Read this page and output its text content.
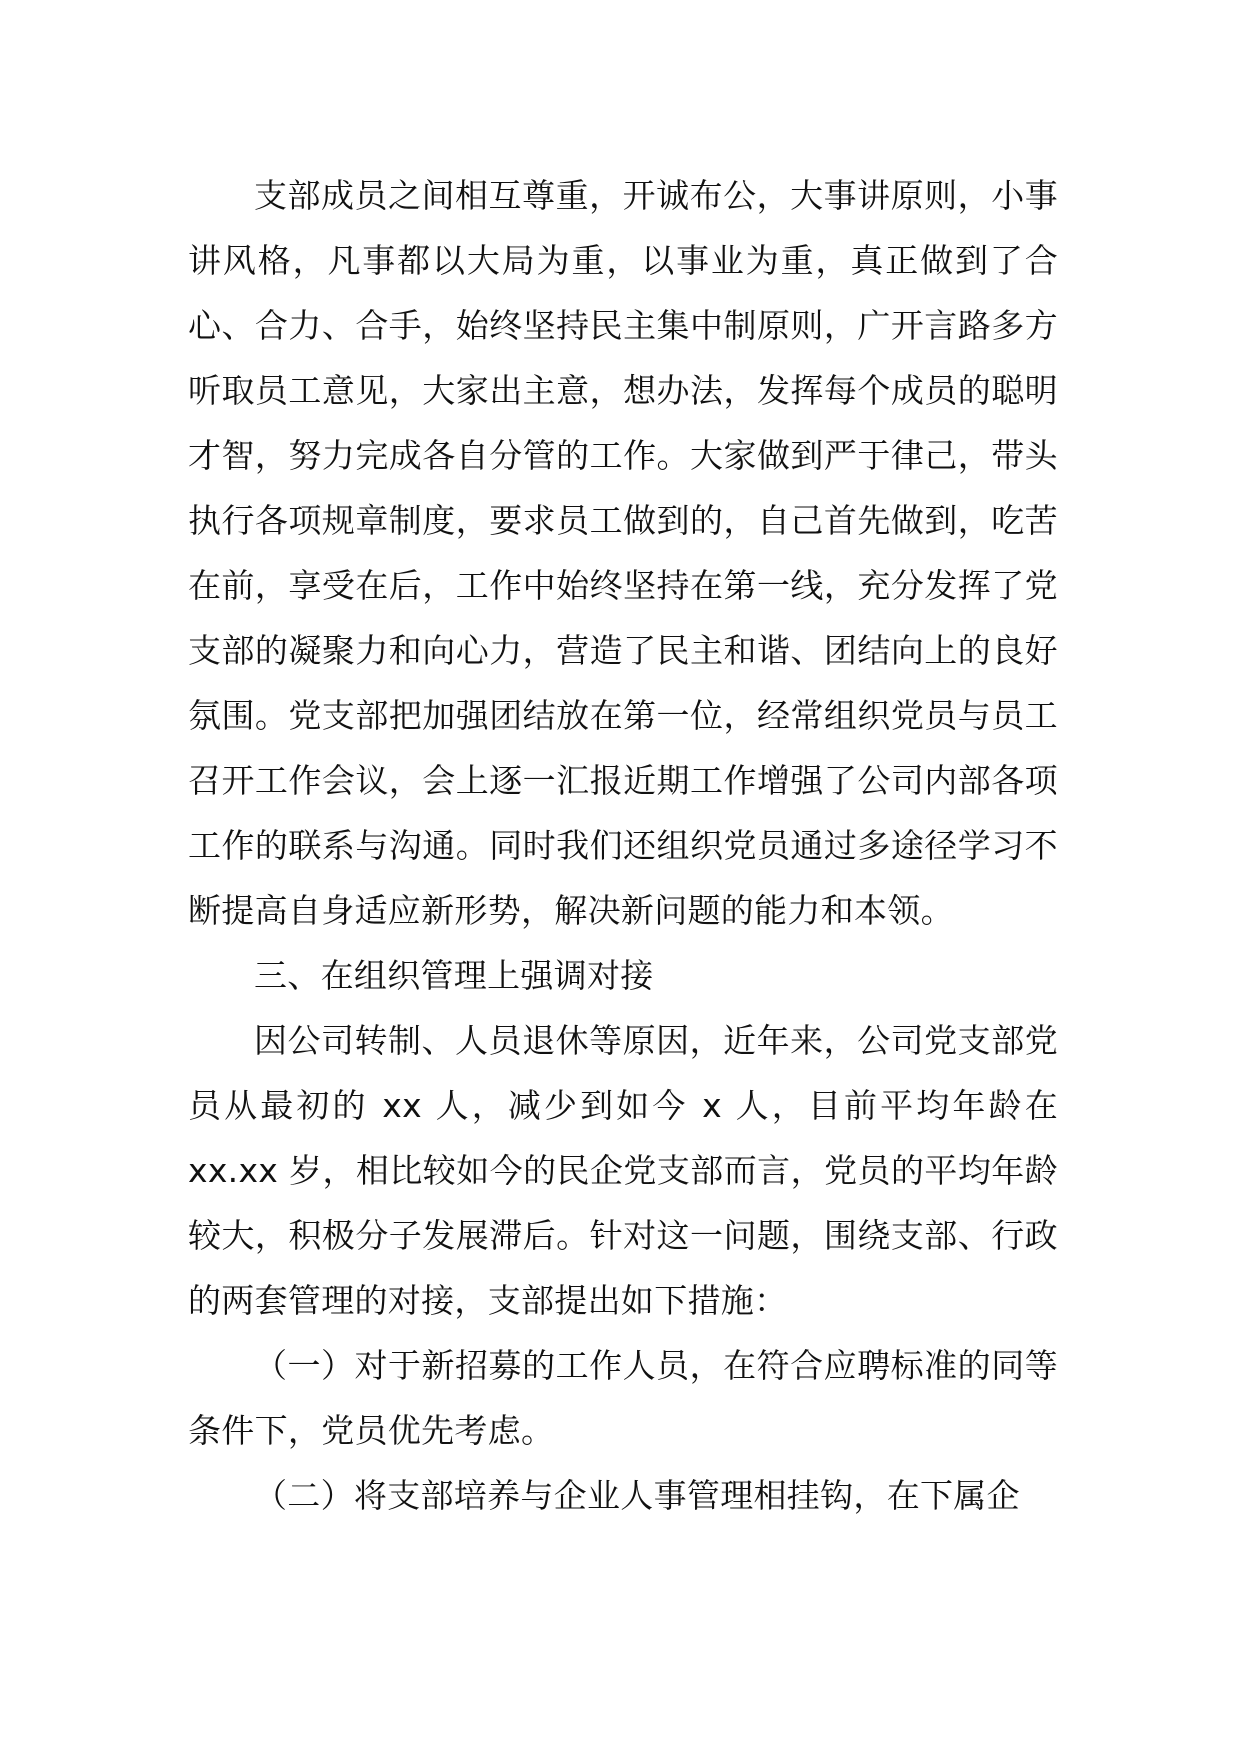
支部成员之间相互尊重，开诚布公，大事讲原则，小事讲风格，凡事都以大局为重，以事业为重，真正做到了合心、合力、合手，始终坚持民主集中制原则，广开言路多方听取员工意见，大家出主意，想办法，发挥每个成员的聪明才智，努力完成各自分管的工作。大家做到严于律己，带头执行各项规章制度，要求员工做到的，自己首先做到，吃苦在前，享受在后，工作中始终坚持在第一线，充分发挥了党支部的凝聚力和向心力，营造了民主和谐、团结向上的良好氛围。党支部把加强团结放在第一位，经常组织党员与员工召开工作会议，会上逐一汇报近期工作增强了公司内部各项工作的联系与沟通。同时我们还组织党员通过多途径学习不断提高自身适应新形势，解决新问题的能力和本领。

三、在组织管理上强调对接

因公司转制、人员退休等原因，近年来，公司党支部党员从最初的 xx 人，减少到如今 x 人，目前平均年龄在 xx.xx 岁，相比较如今的民企党支部而言，党员的平均年龄较大，积极分子发展滞后。针对这一问题，围绕支部、行政的两套管理的对接，支部提出如下措施：

（一）对于新招募的工作人员，在符合应聘标准的同等条件下，党员优先考虑。

（二）将支部培养与企业人事管理相挂钩，在下属企
